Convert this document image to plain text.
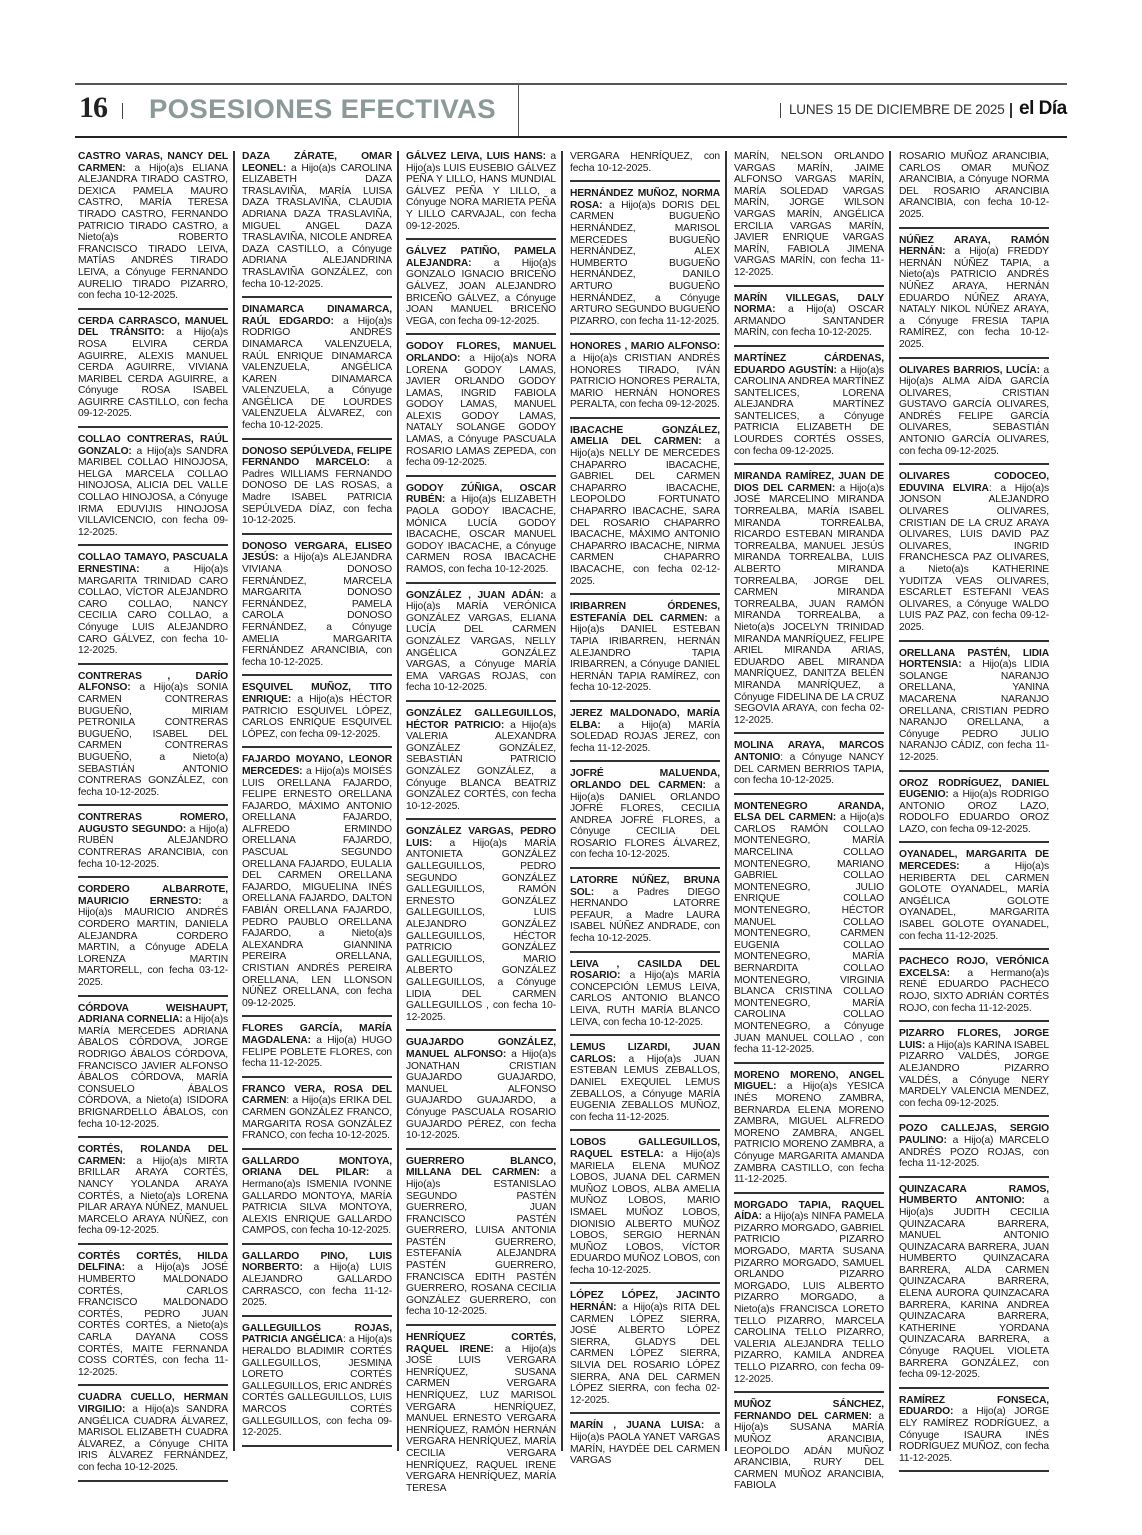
16 POSESIONES EFECTIVAS	LUNES 15 DE DICIEMBRE DE 2025 el Día
CASTRO VARAS, NANCY DEL CARMEN: a Hijo(a)s ELIANA ALEJANDRA TIRADO CASTRO, DEXICA PAMELA MAURO CASTRO, MARÍA TERESA TIRADO CASTRO, FERNANDO PATRICIO TIRADO CASTRO, a Nieto(a)s ROBERTO FRANCISCO TIRADO LEIVA, MATÍAS ANDRÉS TIRADO LEIVA, a Cónyuge FERNANDO AURELIO TIRADO PIZARRO, con fecha 10-12-2025.
CERDA CARRASCO, MANUEL DEL TRÁNSITO: a Hijo(a)s ROSA ELVIRA CERDA AGUIRRE, ALEXIS MANUEL CERDA AGUIRRE, VIVIANA MARIBEL CERDA AGUIRRE, a Cónyuge ROSA ISABEL AGUIRRE CASTILLO, con fecha 09-12-2025.
COLLAO CONTRERAS, RAÚL GONZALO: a Hijo(a)s SANDRA MARIBEL COLLAO HINOJOSA, HELGA MARCELA COLLAO HINOJOSA, ALICIA DEL VALLE COLLAO HINOJOSA, a Cónyuge IRMA EDUVIJIS HINOJOSA VILLAVICENCIO, con fecha 09-12-2025.
COLLAO TAMAYO, PASCUALA ERNESTINA: a Hijo(a)s MARGARITA TRINIDAD CARO COLLAO, VÍCTOR ALEJANDRO CARO COLLAO, NANCY CECILIA CARO COLLAO, a Cónyuge LUIS ALEJANDRO CARO GÁLVEZ, con fecha 10-12-2025.
CONTRERAS , DARÍO ALFONSO: a Hijo(a)s SONIA CARMEN CONTRERAS BUGUEÑO, MIRIAM PETRONILA CONTRERAS BUGUEÑO, ISABEL DEL CARMEN CONTRERAS BUGUEÑO, a Nieto(a) SEBASTIÁN ANTONIO CONTRERAS GONZÁLEZ, con fecha 10-12-2025.
CONTRERAS ROMERO, AUGUSTO SEGUNDO: a Hijo(a) RUBÉN ALEJANDRO CONTRERAS ARANCIBIA, con fecha 10-12-2025.
CORDERO ALBARROTE, MAURICIO ERNESTO: a Hijo(a)s MAURICIO ANDRÉS CORDERO MARTIN, DANIELA ALEJANDRA CORDERO MARTIN, a Cónyuge ADELA LORENZA MARTIN MARTORELL, con fecha 03-12-2025.
CÓRDOVA WEISHAUPT, ADRIANA CORNELIA: a Hijo(a)s MARÍA MERCEDES ADRIANA ÁBALOS CÓRDOVA, JORGE RODRIGO ÁBALOS CÓRDOVA, FRANCISCO JAVIER ALFONSO ÁBALOS CÓRDOVA, MARÍA CONSUELO ÁBALOS CÓRDOVA, a Nieto(a) ISIDORA BRIGNARDELLO ÁBALOS, con fecha 10-12-2025.
CORTÉS, ROLANDA DEL CARMEN: a Hijo(a)s MIRTA BRILLAR ARAYA CORTÉS, NANCY YOLANDA ARAYA CORTÉS, a Nieto(a)s LORENA PILAR ARAYA NÚÑEZ, MANUEL MARCELO ARAYA NÚÑEZ, con fecha 09-12-2025.
CORTÉS CORTÉS, HILDA DELFINA: a Hijo(a)s JOSÉ HUMBERTO MALDONADO CORTÉS, CARLOS FRANCISCO MALDONADO CORTÉS, PEDRO JUAN CORTÉS CORTÉS, a Nieto(a)s CARLA DAYANA COSS CORTÉS, MAITE FERNANDA COSS CORTÉS, con fecha 11-12-2025.
CUADRA CUELLO, HERMAN VIRGILIO: a Hijo(a)s SANDRA ANGÉLICA CUADRA ÁLVAREZ, MARISOL ELIZABETH CUADRA ÁLVAREZ, a Cónyuge CHITA IRIS ÁLVAREZ FERNÁNDEZ, con fecha 10-12-2025.
DAZA ZÁRATE, OMAR LEONEL: a Hijo(a)s CAROLINA ELIZABETH DAZA TRASLAVIÑA, MARÍA LUISA DAZA TRASLAVIÑA, CLAUDIA ADRIANA DAZA TRASLAVIÑA, MIGUEL ANGEL DAZA TRASLAVIÑA, NICOLE ANDREA DAZA CASTILLO, a Cónyuge ADRIANA ALEJANDRINA TRASLAVIÑA GONZÁLEZ, con fecha 10-12-2025.
DINAMARCA DINAMARCA, RAÚL EDGARDO: a Hijo(a)s RODRIGO ANDRÉS DINAMARCA VALENZUELA, RAÚL ENRIQUE DINAMARCA VALENZUELA, ANGÉLICA KAREN DINAMARCA VALENZUELA, a Cónyuge ANGÉLICA DE LOURDES VALENZUELA ÁLVAREZ, con fecha 10-12-2025.
DONOSO SEPÚLVEDA, FELIPE FERNANDO MARCELO: a Padres WILLIAMS FERNANDO DONOSO DE LAS ROSAS, a Madre ISABEL PATRICIA SEPÚLVEDA DÍAZ, con fecha 10-12-2025.
DONOSO VERGARA, ELISEO JESÚS: a Hijo(a)s ALEJANDRA VIVIANA DONOSO FERNÁNDEZ, MARCELA MARGARITA DONOSO FERNÁNDEZ, PAMELA CAROLA DONOSO FERNÁNDEZ, a Cónyuge AMELIA MARGARITA FERNÁNDEZ ARANCIBIA, con fecha 10-12-2025.
ESQUIVEL MUÑOZ, TITO ENRIQUE: a Hijo(a)s HÉCTOR PATRICIO ESQUIVEL LÓPEZ, CARLOS ENRIQUE ESQUIVEL LÓPEZ, con fecha 09-12-2025.
FAJARDO MOYANO, LEONOR MERCEDES: a Hijo(a)s MOISÉS LUIS ORELLANA FAJARDO, FELIPE ERNESTO ORELLANA FAJARDO, MÁXIMO ANTONIO ORELLANA FAJARDO, ALFREDO ERMINDO ORELLANA FAJARDO, PASCUAL SEGUNDO ORELLANA FAJARDO, EULALIA DEL CARMEN ORELLANA FAJARDO, MIGUELINA INÉS ORELLANA FAJARDO, DALTON FABIÁN ORELLANA FAJARDO, PEDRO PAUBLO ORELLANA FAJARDO, a Nieto(a)s ALEXANDRA GIANNINA PEREIRA ORELLANA, CRISTIAN ANDRÉS PEREIRA ORELLANA, LEN LLONSON NÚÑEZ ORELLANA, con fecha 09-12-2025.
FLORES GARCÍA, MARÍA MAGDALENA: a Hijo(a) HUGO FELIPE POBLETE FLORES, con fecha 11-12-2025.
FRANCO VERA, ROSA DEL CARMEN: a Hijo(a)s ERIKA DEL CARMEN GONZÁLEZ FRANCO, MARGARITA ROSA GONZÁLEZ FRANCO, con fecha 10-12-2025.
GALLARDO MONTOYA, ORIANA DEL PILAR: a Hermano(a)s ISMENIA IVONNE GALLARDO MONTOYA, MARÍA PATRICIA SILVA MONTOYA, ALEXIS ENRIQUE GALLARDO CAMPOS, con fecha 10-12-2025.
GALLARDO PINO, LUIS NORBERTO: a Hijo(a) LUIS ALEJANDRO GALLARDO CARRASCO, con fecha 11-12-2025.
GALLEGUILLOS ROJAS, PATRICIA ANGÉLICA: a Hijo(a)s HERALDO BLADIMIR CORTÉS GALLEGUILLOS, JESMINA LORETO CORTÉS GALLEGUILLOS, ERIC ANDRÉS CORTÉS GALLEGUILLOS, LUIS MARCOS CORTÉS GALLEGUILLOS, con fecha 09-12-2025.
GÁLVEZ LEIVA, LUIS HANS: a Hijo(a)s LUIS EUSEBIO GÁLVEZ PEÑA Y LILLO, HANS MUNDIAL GÁLVEZ PEÑA Y LILLO, a Cónyuge NORA MARIETA PEÑA Y LILLO CARVAJAL, con fecha 09-12-2025.
GÁLVEZ PATIÑO, PAMELA ALEJANDRA: a Hijo(a)s GONZALO IGNACIO BRICEÑO GÁLVEZ, JOAN ALEJANDRO BRICEÑO GÁLVEZ, a Cónyuge JOAN MANUEL BRICEÑO VEGA, con fecha 09-12-2025.
GODOY FLORES, MANUEL ORLANDO: a Hijo(a)s NORA LORENA GODOY LAMAS, JAVIER ORLANDO GODOY LAMAS, INGRID FABIOLA GODOY LAMAS, MANUEL ALEXIS GODOY LAMAS, NATALY SOLANGE GODOY LAMAS, a Cónyuge PASCUALA ROSARIO LAMAS ZEPEDA, con fecha 09-12-2025.
GODOY ZÚÑIGA, OSCAR RUBÉN: a Hijo(a)s ELIZABETH PAOLA GODOY IBACACHE, MÓNICA LUCÍA GODOY IBACACHE, OSCAR MANUEL GODOY IBACACHE, a Cónyuge CARMEN ROSA IBACACHE RAMOS, con fecha 10-12-2025.
GONZÁLEZ , JUAN ADÁN: a Hijo(a)s MARÍA VERÓNICA GONZÁLEZ VARGAS, ELIANA LUCÍA DEL CARMEN GONZÁLEZ VARGAS, NELLY ANGÉLICA GONZÁLEZ VARGAS, a Cónyuge MARÍA EMA VARGAS ROJAS, con fecha 10-12-2025.
GONZÁLEZ GALLEGUILLOS, HÉCTOR PATRICIO: a Hijo(a)s VALERIA ALEXANDRA GONZÁLEZ GONZÁLEZ, SEBASTIÁN PATRICIO GONZÁLEZ GONZÁLEZ, a Cónyuge BLANCA BEATRIZ GONZÁLEZ CORTÉS, con fecha 10-12-2025.
GONZÁLEZ VARGAS, PEDRO LUIS: a Hijo(a)s MARÍA ANTONIETA GONZÁLEZ GALLEGUILLOS, PEDRO SEGUNDO GONZÁLEZ GALLEGUILLOS, RAMÓN ERNESTO GONZÁLEZ GALLEGUILLOS, LUIS ALEJANDRO GONZÁLEZ GALLEGUILLOS, HÉCTOR PATRICIO GONZÁLEZ GALLEGUILLOS, MARIO ALBERTO GONZÁLEZ GALLEGUILLOS, a Cónyuge LIDIA DEL CARMEN GALLEGUILLOS , con fecha 10-12-2025.
GUAJARDO GONZÁLEZ, MANUEL ALFONSO: a Hijo(a)s JONATHAN CRISTIAN GUAJARDO GUAJARDO, MANUEL ALFONSO GUAJARDO GUAJARDO, a Cónyuge PASCUALA ROSARIO GUAJARDO PÉREZ, con fecha 10-12-2025.
GUERRERO BLANCO, MILLANA DEL CARMEN: a Hijo(a)s ESTANISLAO SEGUNDO PASTÉN GUERRERO, JUAN FRANCISCO PASTÉN GUERRERO, LUISA ANTONIA PASTÉN GUERRERO, ESTEFANÍA ALEJANDRA PASTÉN GUERRERO, FRANCISCA EDITH PASTÉN GUERRERO, ROSANA CECILIA GONZÁLEZ GUERRERO, con fecha 10-12-2025.
HENRÍQUEZ CORTÉS, RAQUEL IRENE: a Hijo(a)s JOSÉ LUIS VERGARA HENRÍQUEZ, SUSANA CARMEN VERGARA HENRÍQUEZ, LUZ MARISOL VERGARA HENRÍQUEZ, MANUEL ERNESTO VERGARA HENRÍQUEZ, RAMÓN HERNÁN VERGARA HENRÍQUEZ, MARÍA CECILIA VERGARA HENRÍQUEZ, RAQUEL IRENE VERGARA HENRÍQUEZ, MARÍA TERESA
VERGARA HENRÍQUEZ, con fecha 10-12-2025.
HERNÁNDEZ MUÑOZ, NORMA ROSA: a Hijo(a)s DORIS DEL CARMEN BUGUEÑO HERNÁNDEZ, MARISOL MERCEDES BUGUEÑO HERNÁNDEZ, ALEX HUMBERTO BUGUEÑO HERNÁNDEZ, DANILO ARTURO BUGUEÑO HERNÁNDEZ, a Cónyuge ARTURO SEGUNDO BUGUEÑO PIZARRO, con fecha 11-12-2025.
HONORES , MARIO ALFONSO: a Hijo(a)s CRISTIAN ANDRÉS HONORES TIRADO, IVÁN PATRICIO HONORES PERALTA, MARIO HERNÁN HONORES PERALTA, con fecha 09-12-2025.
IBACACHE GONZÁLEZ, AMELIA DEL CARMEN: a Hijo(a)s NELLY DE MERCEDES CHAPARRO IBACACHE, GABRIEL DEL CARMEN CHAPARRO IBACACHE, LEOPOLDO FORTUNATO CHAPARRO IBACACHE, SARA DEL ROSARIO CHAPARRO IBACACHE, MÁXIMO ANTONIO CHAPARRO IBACACHE, NIRMA CARMEN CHAPARRO IBACACHE, con fecha 02-12-2025.
IRIBARREN ÓRDENES, ESTEFANÍA DEL CARMEN: a Hijo(a)s DANIEL ESTEBAN TAPIA IRIBARREN, HERNÁN ALEJANDRO TAPIA IRIBARREN, a Cónyuge DANIEL HERNÁN TAPIA RAMÍREZ, con fecha 10-12-2025.
JEREZ MALDONADO, MARÍA ELBA: a Hijo(a) MARÍA SOLEDAD ROJAS JEREZ, con fecha 11-12-2025.
JOFRÉ MALUENDA, ORLANDO DEL CARMEN: a Hijo(a)s DANIEL ORLANDO JOFRÉ FLORES, CECILIA ANDREA JOFRÉ FLORES, a Cónyuge CECILIA DEL ROSARIO FLORES ÁLVAREZ, con fecha 10-12-2025.
LATORRE NÚÑEZ, BRUNA SOL: a Padres DIEGO HERNANDO LATORRE PEFAUR, a Madre LAURA ISABEL NÚÑEZ ANDRADE, con fecha 10-12-2025.
LEIVA , CASILDA DEL ROSARIO: a Hijo(a)s MARÍA CONCEPCIÓN LEMUS LEIVA, CARLOS ANTONIO BLANCO LEIVA, RUTH MARÍA BLANCO LEIVA, con fecha 10-12-2025.
LEMUS LIZARDI, JUAN CARLOS: a Hijo(a)s JUAN ESTEBAN LEMUS ZEBALLOS, DANIEL EXEQUIEL LEMUS ZEBALLOS, a Cónyuge MARÍA EUGENIA ZEBALLOS MUÑOZ, con fecha 11-12-2025.
LOBOS GALLEGUILLOS, RAQUEL ESTELA: a Hijo(a)s MARIELA ELENA MUÑOZ LOBOS, JUANA DEL CARMEN MUÑOZ LOBOS, ALBA AMELIA MUÑOZ LOBOS, MARIO ISMAEL MUÑOZ LOBOS, DIONISIO ALBERTO MUÑOZ LOBOS, SERGIO HERNÁN MUÑOZ LOBOS, VÍCTOR EDUARDO MUÑOZ LOBOS, con fecha 10-12-2025.
LÓPEZ LÓPEZ, JACINTO HERNÁN: a Hijo(a)s RITA DEL CARMEN LÓPEZ SIERRA, JOSÉ ALBERTO LÓPEZ SIERRA, GLADYS DEL CARMEN LÓPEZ SIERRA, SILVIA DEL ROSARIO LÓPEZ SIERRA, ANA DEL CARMEN LÓPEZ SIERRA, con fecha 02-12-2025.
MARÍN , JUANA LUISA: a Hijo(a)s PAOLA YANET VARGAS MARÍN, HAYDÉE DEL CARMEN VARGAS
MARÍN, NELSON ORLANDO VARGAS MARÍN, JAIME ALFONSO VARGAS MARÍN, MARÍA SOLEDAD VARGAS MARÍN, JORGE WILSON VARGAS MARÍN, ANGÉLICA ERCILIA VARGAS MARÍN, JAVIER ENRIQUE VARGAS MARÍN, FABIOLA JIMENA VARGAS MARÍN, con fecha 11-12-2025.
MARÍN VILLEGAS, DALY NORMA: a Hijo(a) OSCAR ARMANDO SANTANDER MARÍN, con fecha 10-12-2025.
MARTÍNEZ CÁRDENAS, EDUARDO AGUSTÍN: a Hijo(a)s CAROLINA ANDREA MARTÍNEZ SANTELICES, LORENA ALEJANDRA MARTÍNEZ SANTELICES, a Cónyuge PATRICIA ELIZABETH DE LOURDES CORTÉS OSSES, con fecha 09-12-2025.
MIRANDA RAMÍREZ, JUAN DE DIOS DEL CARMEN: a Hijo(a)s JOSÉ MARCELINO MIRANDA TORREALBA, MARÍA ISABEL MIRANDA TORREALBA, RICARDO ESTEBAN MIRANDA TORREALBA, MANUEL JESÚS MIRANDA TORREALBA, LUIS ALBERTO MIRANDA TORREALBA, JORGE DEL CARMEN MIRANDA TORREALBA, JUAN RAMÓN MIRANDA TORREALBA, a Nieto(a)s JOCELYN TRINIDAD MIRANDA MANRÍQUEZ, FELIPE ARIEL MIRANDA ARIAS, EDUARDO ABEL MIRANDA MANRÍQUEZ, DANITZA BELÉN MIRANDA MANRÍQUEZ, a Cónyuge FIDELINA DE LA CRUZ SEGOVIA ARAYA, con fecha 02-12-2025.
MOLINA ARAYA, MARCOS ANTONIO: a Cónyuge NANCY DEL CARMEN BERRIOS TAPIA, con fecha 10-12-2025.
MONTENEGRO ARANDA, ELSA DEL CARMEN: a Hijo(a)s CARLOS RAMÓN COLLAO MONTENEGRO, MARÍA MARCELINA COLLAO MONTENEGRO, MARIANO GABRIEL COLLAO MONTENEGRO, JULIO ENRIQUE COLLAO MONTENEGRO, HÉCTOR MANUEL COLLAO MONTENEGRO, CARMEN EUGENIA COLLAO MONTENEGRO, MARÍA BERNARDITA COLLAO MONTENEGRO, VIRGINIA BLANCA CRISTINA COLLAO MONTENEGRO, MARÍA CAROLINA COLLAO MONTENEGRO, a Cónyuge JUAN MANUEL COLLAO , con fecha 11-12-2025.
MORENO MORENO, ANGEL MIGUEL: a Hijo(a)s YESICA INÉS MORENO ZAMBRA, BERNARDA ELENA MORENO ZAMBRA, MIGUEL ALFREDO MORENO ZAMBRA, ANGEL PATRICIO MORENO ZAMBRA, a Cónyuge MARGARITA AMANDA ZAMBRA CASTILLO, con fecha 11-12-2025.
MORGADO TAPIA, RAQUEL AÍDA: a Hijo(a)s NINFA PAMELA PIZARRO MORGADO, GABRIEL PATRICIO PIZARRO MORGADO, MARTA SUSANA PIZARRO MORGADO, SAMUEL ORLANDO PIZARRO MORGADO, LUIS ALBERTO PIZARRO MORGADO, a Nieto(a)s FRANCISCA LORETO TELLO PIZARRO, MARCELA CAROLINA TELLO PIZARRO, VALERIA ALEJANDRA TELLO PIZARRO, KAMILA ANDREA TELLO PIZARRO, con fecha 09-12-2025.
MUÑOZ SÁNCHEZ, FERNANDO DEL CARMEN: a Hijo(a)s SUSANA MARÍA MUÑOZ ARANCIBIA, LEOPOLDO ADÁN MUÑOZ ARANCIBIA, RURY DEL CARMEN MUÑOZ ARANCIBIA, FABIOLA
ROSARIO MUÑOZ ARANCIBIA, CARLOS OMAR MUÑOZ ARANCIBIA, a Cónyuge NORMA DEL ROSARIO ARANCIBIA ARANCIBIA, con fecha 10-12-2025.
NÚÑEZ ARAYA, RAMÓN HERNÁN: a Hijo(a) FREDDY HERNÁN NÚÑEZ TAPIA, a Nieto(a)s PATRICIO ANDRÉS NÚÑEZ ARAYA, HERNÁN EDUARDO NÚÑEZ ARAYA, NATALY NIKOL NÚÑEZ ARAYA, a Cónyuge FRESIA TAPIA RAMÍREZ, con fecha 10-12-2025.
OLIVARES BARRIOS, LUCÍA: a Hijo(a)s ALMA AÍDA GARCÍA OLIVARES, CRISTIAN GUSTAVO GARCÍA OLIVARES, ANDRÉS FELIPE GARCÍA OLIVARES, SEBASTIÁN ANTONIO GARCÍA OLIVARES, con fecha 09-12-2025.
OLIVARES CODOCEO, EDUVINA ELVIRA: a Hijo(a)s JONSON ALEJANDRO OLIVARES OLIVARES, CRISTIAN DE LA CRUZ ARAYA OLIVARES, LUIS DAVID PAZ OLIVARES, INGRID FRANCHESCA PAZ OLIVARES, a Nieto(a)s KATHERINE YUDITZA VEAS OLIVARES, ESCARLET ESTEFANI VEAS OLIVARES, a Cónyuge WALDO LUIS PAZ PAZ, con fecha 09-12-2025.
ORELLANA PASTÉN, LIDIA HORTENSIA: a Hijo(a)s LIDIA SOLANGE NARANJO ORELLANA, YANINA MACARENA NARANJO ORELLANA, CRISTIAN PEDRO NARANJO ORELLANA, a Cónyuge PEDRO JULIO NARANJO CÁDIZ, con fecha 11-12-2025.
OROZ RODRÍGUEZ, DANIEL EUGENIO: a Hijo(a)s RODRIGO ANTONIO OROZ LAZO, RODOLFO EDUARDO OROZ LAZO, con fecha 09-12-2025.
OYANADEL, MARGARITA DE MERCEDES: a Hijo(a)s HERIBERTA DEL CARMEN GOLOTE OYANADEL, MARÍA ANGÉLICA GOLOTE OYANADEL, MARGARITA ISABEL GOLOTE OYANADEL, con fecha 11-12-2025.
PACHECO ROJO, VERÓNICA EXCELSA: a Hermano(a)s RENÉ EDUARDO PACHECO ROJO, SIXTO ADRIÁN CORTÉS ROJO, con fecha 11-12-2025.
PIZARRO FLORES, JORGE LUIS: a Hijo(a)s KARINA ISABEL PIZARRO VALDÉS, JORGE ALEJANDRO PIZARRO VALDÉS, a Cónyuge NERY MARDELY VALENCIA MENDEZ, con fecha 09-12-2025.
POZO CALLEJAS, SERGIO PAULINO: a Hijo(a) MARCELO ANDRÉS POZO ROJAS, con fecha 11-12-2025.
QUINZACARA RAMOS, HUMBERTO ANTONIO: a Hijo(a)s JUDITH CECILIA QUINZACARA BARRERA, MANUEL ANTONIO QUINZACARA BARRERA, JUAN HUMBERTO QUINZACARA BARRERA, ALDA CARMEN QUINZACARA BARRERA, ELENA AURORA QUINZACARA BARRERA, KARINA ANDREA QUINZACARA BARRERA, KATHERINE YORDANA QUINZACARA BARRERA, a Cónyuge RAQUEL VIOLETA BARRERA GONZÁLEZ, con fecha 09-12-2025.
RAMÍREZ FONSECA, EDUARDO: a Hijo(a) JORGE ELY RAMÍREZ RODRÍGUEZ, a Cónyuge ISAURA INÉS RODRÍGUEZ MUÑOZ, con fecha 11-12-2025.
